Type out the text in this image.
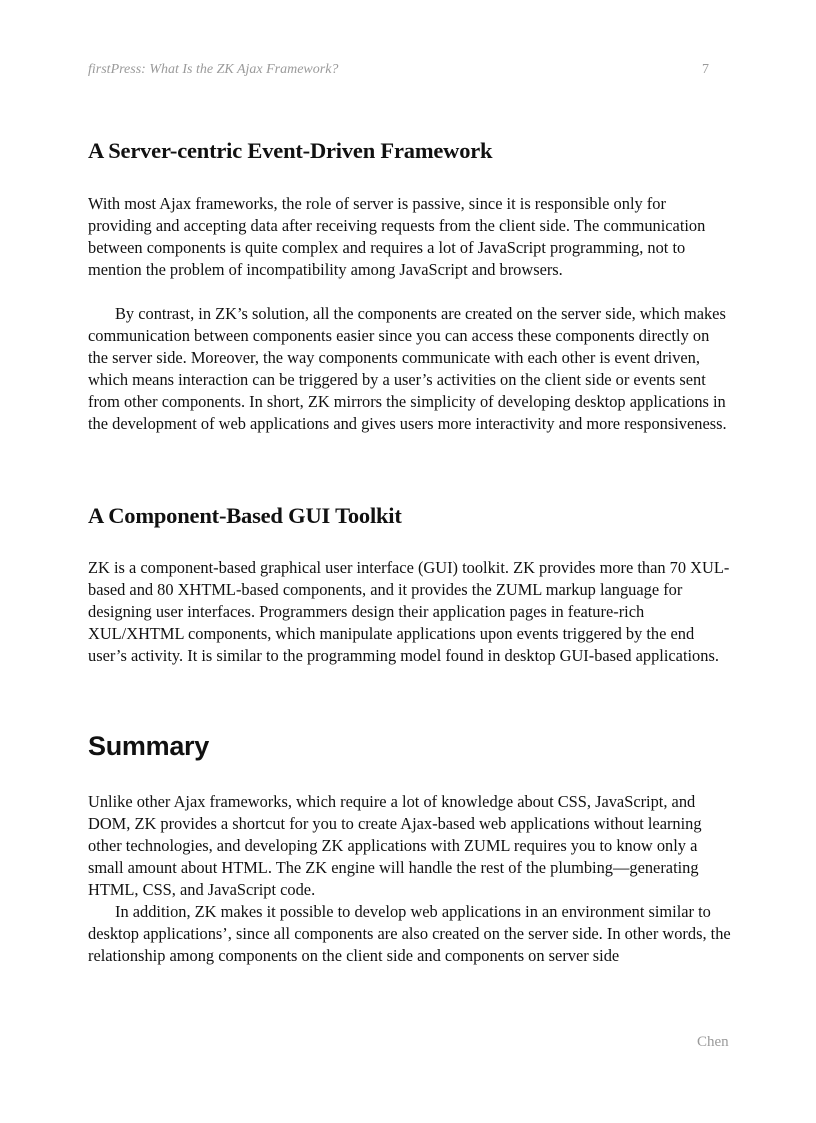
firstPress: What Is the ZK Ajax Framework?	7
A Server-centric Event-Driven Framework

With most Ajax frameworks, the role of server is passive, since it is responsible only for providing and accepting data after receiving requests from the client side. The communication between components is quite complex and requires a lot of JavaScript programming, not to mention the problem of incompatibility among JavaScript and browsers.

By contrast, in ZK’s solution, all the components are created on the server side, which makes communication between components easier since you can access these components directly on the server side. Moreover, the way components communicate with each other is event driven, which means interaction can be triggered by a user’s activities on the client side or events sent from other components. In short, ZK mirrors the simplicity of developing desktop applications in the development of web applications and gives users more interactivity and more responsiveness.

A Component-Based GUI Toolkit

ZK is a component-based graphical user interface (GUI) toolkit. ZK provides more than 70 XUL-based and 80 XHTML-based components, and it provides the ZUML markup language for designing user interfaces. Programmers design their application pages in feature-rich XUL/XHTML components, which manipulate applications upon events triggered by the end user’s activity. It is similar to the programming model found in desktop GUI-based applications.

Summary

Unlike other Ajax frameworks, which require a lot of knowledge about CSS, JavaScript, and DOM, ZK provides a shortcut for you to create Ajax-based web applications without learning other technologies, and developing ZK applications with ZUML requires you to know only a small amount about HTML. The ZK engine will handle the rest of the plumbing—generating HTML, CSS, and JavaScript code.

In addition, ZK makes it possible to develop web applications in an environment similar to desktop applications’, since all components are also created on the server side. In other words, the relationship among components on the client side and components on server side

Chen
